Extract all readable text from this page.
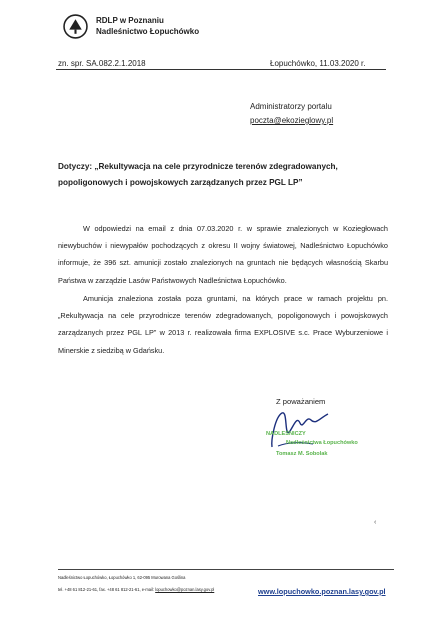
RDLP w Poznaniu
Nadleśnictwo Łopuchówko
zn. spr. SA.082.2.1.2018	Łopuchówko, 11.03.2020 r.
Administratorzy portalu
poczta@ekozieglowy.pl
Dotyczy: „Rekultywacja na cele przyrodnicze terenów zdegradowanych,
popoligonowych i powojskowych zarządzanych przez PGL LP”
W odpowiedzi na email z dnia 07.03.2020 r. w sprawie znalezionych w Koziegłowach niewybuchów i niewypałów pochodzących z okresu II wojny światowej, Nadleśnictwo Łopuchówko informuje, że 396 szt. amunicji zostało znalezionych na gruntach nie będących własnością Skarbu Państwa w zarządzie Lasów Państwowych Nadleśnictwa Łopuchówko.
Amunicja znaleziona została poza gruntami, na których prace w ramach projektu pn. „Rekultywacja na cele przyrodnicze terenów zdegradowanych, popoligonowych i powojskowych zarządzanych przez PGL LP” w 2013 r. realizowała firma EXPLOSIVE s.c. Prace Wyburzeniowe i Minerskie z siedzibą w Gdańsku.
Z poważaniem
NADLEŚNICZY
Nadleśnictwa Łopuchówko
Tomasz M. Sobolak
‹
Nadleśnictwo Łopuchówko, Łopuchówko 1, 62-095 Murowana Goślina
tel. +48 61 812-21-61, fax. +48 61 812-21-61, e-mail: lopuchowko@poznan.lasy.gov.pl	www.lopuchowko.poznan.lasy.gov.pl
